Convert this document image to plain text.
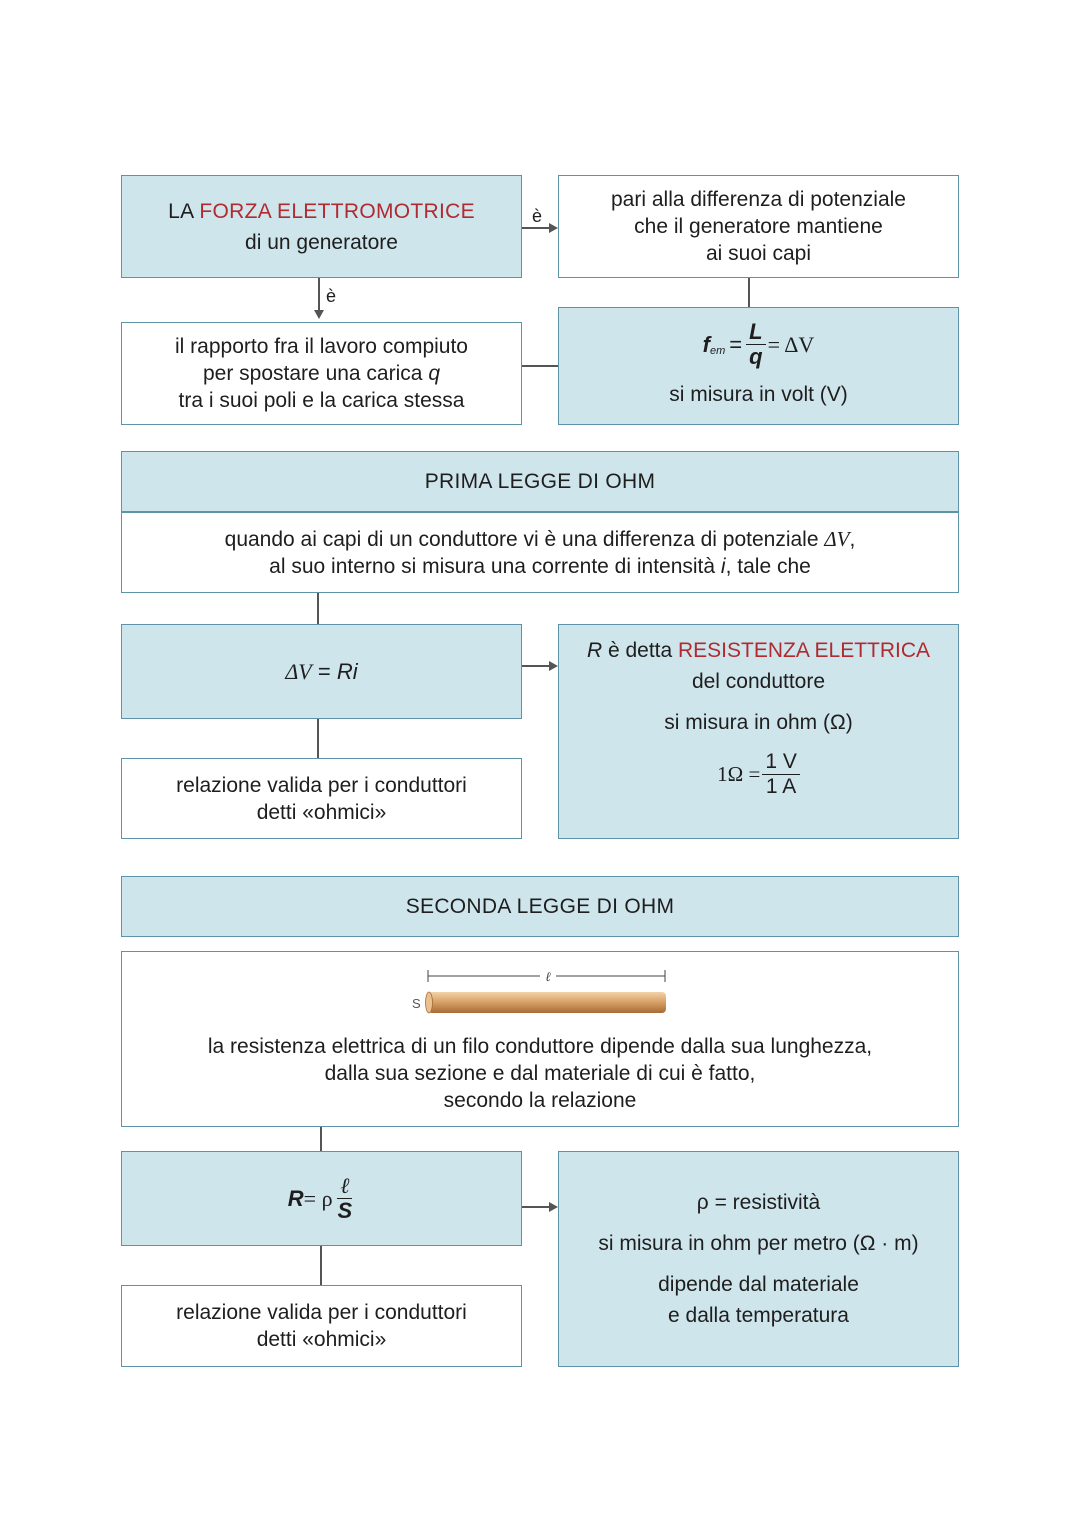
LA FORZA ELETTROMOTRICE
di un generatore
è
pari alla differenza di potenziale
che il generatore mantiene
ai suoi capi
è
il rapporto fra il lavoro compiuto
per spostare una carica q
tra i suoi poli e la carica stessa
$f_{em} = \frac{L}{q} = \Delta V$
si misura in volt (V)
PRIMA LEGGE DI OHM
quando ai capi di un conduttore vi è una differenza di potenziale ΔV,
al suo interno si misura una corrente di intensità i, tale che
ΔV = Ri
relazione valida per i conduttori
detti «ohmici»
R è detta RESISTENZA ELETTRICA
del conduttore
si misura in ohm (Ω)
$1\Omega = \frac{1 V}{1 A}$
SECONDA LEGGE DI OHM
la resistenza elettrica di un filo conduttore dipende dalla sua lunghezza,
dalla sua sezione e dal materiale di cui è fatto,
secondo la relazione
ℓ
S
R = ρ $\frac{\text{ℓ}}{S}$
relazione valida per i conduttori
detti «ohmici»
ρ = resistività
si misura in ohm per metro (Ω · m)
dipende dal materiale
e dalla temperatura
